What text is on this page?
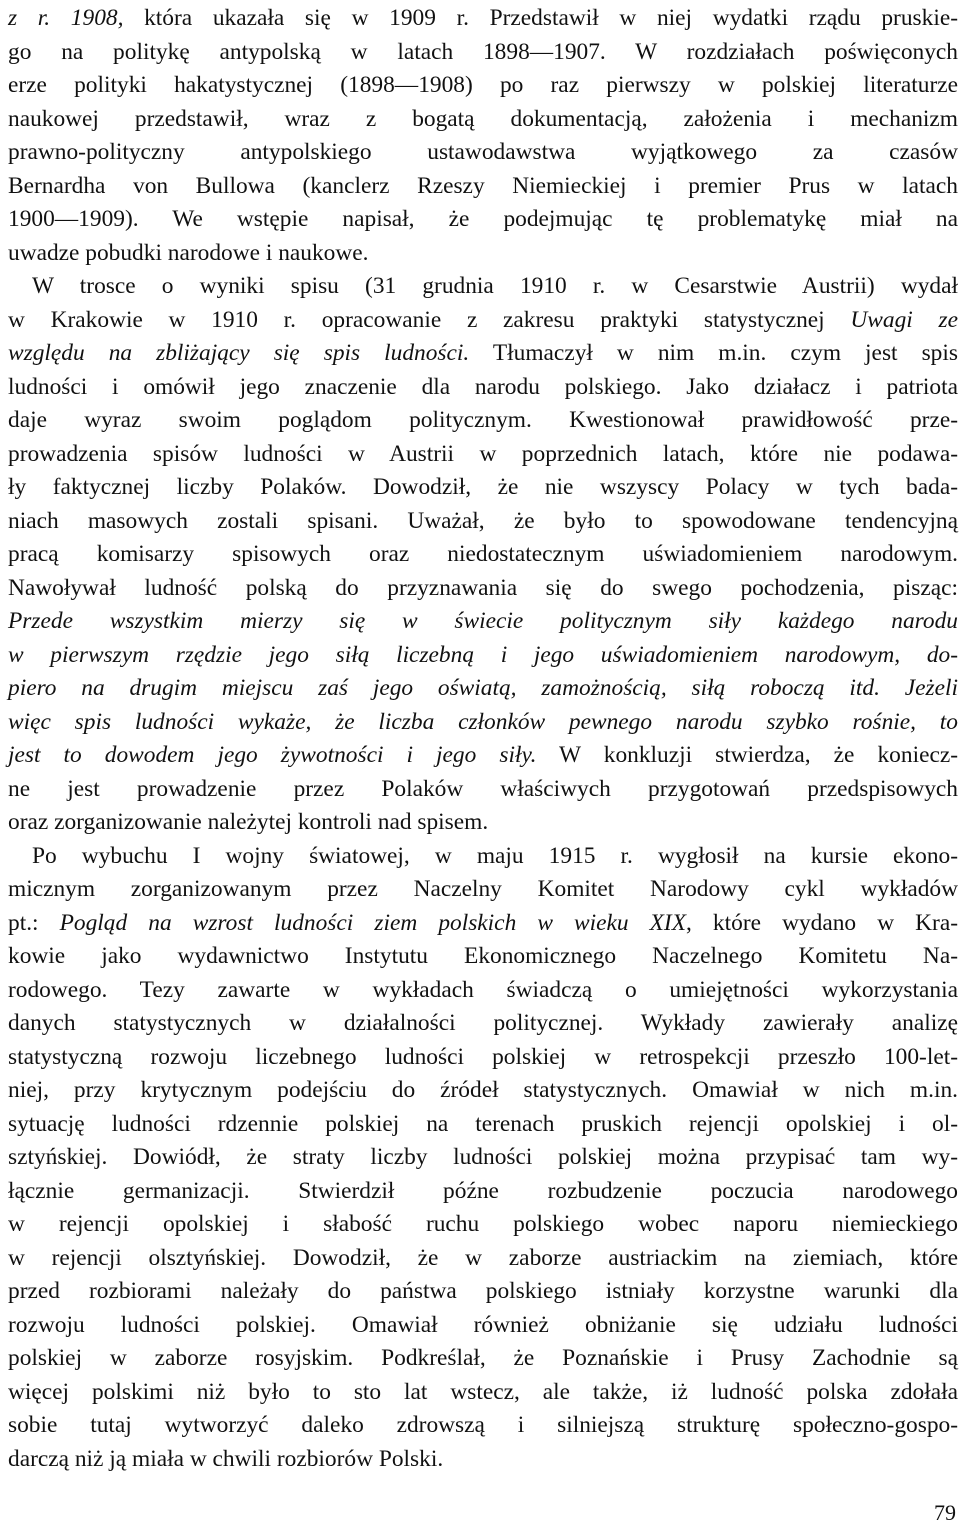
z r. 1908, która ukazała się w 1909 r. Przedstawił w niej wydatki rządu pruskie-
go na politykę antypolską w latach 1898—1907. W rozdziałach poświęconych
erze polityki hakatystycznej (1898—1908) po raz pierwszy w polskiej literaturze
naukowej przedstawił, wraz z bogatą dokumentacją, założenia i mechanizm
prawno-polityczny antypolskiego ustawodawstwa wyjątkowego za czasów
Bernardha von Bullowa (kanclerz Rzeszy Niemieckiej i premier Prus w latach
1900—1909). We wstępie napisał, że podejmując tę problematykę miał na
uwadze pobudki narodowe i naukowe.
W trosce o wyniki spisu (31 grudnia 1910 r. w Cesarstwie Austrii) wydał
w Krakowie w 1910 r. opracowanie z zakresu praktyki statystycznej Uwagi ze
względu na zbliżający się spis ludności. Tłumaczył w nim m.in. czym jest spis
ludności i omówił jego znaczenie dla narodu polskiego. Jako działacz i patriota
daje wyraz swoim poglądom politycznym. Kwestionował prawidłowość prze-
prowadzenia spisów ludności w Austrii w poprzednich latach, które nie podawa-
ły faktycznej liczby Polaków. Dowodził, że nie wszyscy Polacy w tych bada-
niach masowych zostali spisani. Uważał, że było to spowodowane tendencyjną
pracą komisarzy spisowych oraz niedostatecznym uświadomieniem narodowym.
Nawoływał ludność polską do przyznawania się do swego pochodzenia, pisząc:
Przede wszystkim mierzy się w świecie politycznym siły każdego narodu
w pierwszym rzędzie jego siłą liczebną i jego uświadomieniem narodowym, do-
piero na drugim miejscu zaś jego oświatą, zamożnością, siłą roboczą itd. Jeżeli
więc spis ludności wykaże, że liczba członków pewnego narodu szybko rośnie, to
jest to dowodem jego żywotności i jego siły. W konkluzji stwierdza, że koniecz-
ne jest prowadzenie przez Polaków właściwych przygotowań przedspisowych
oraz zorganizowanie należytej kontroli nad spisem.
Po wybuchu I wojny światowej, w maju 1915 r. wygłosił na kursie ekono-
micznym zorganizowanym przez Naczelny Komitet Narodowy cykl wykładów
pt.: Pogląd na wzrost ludności ziem polskich w wieku XIX, które wydano w Kra-
kowie jako wydawnictwo Instytutu Ekonomicznego Naczelnego Komitetu Na-
rodowego. Tezy zawarte w wykładach świadczą o umiejętności wykorzystania
danych statystycznych w działalności politycznej. Wykłady zawierały analizę
statystyczną rozwoju liczebnego ludności polskiej w retrospekcji przeszło 100-let-
niej, przy krytycznym podejściu do źródeł statystycznych. Omawiał w nich m.in.
sytuację ludności rdzennie polskiej na terenach pruskich rejencji opolskiej i ol-
sztyńskiej. Dowiódł, że straty liczby ludności polskiej można przypisać tam wy-
łącznie germanizacji. Stwierdził późne rozbudzenie poczucia narodowego
w rejencji opolskiej i słabość ruchu polskiego wobec naporu niemieckiego
w rejencji olsztyńskiej. Dowodził, że w zaborze austriackim na ziemiach, które
przed rozbiorami należały do państwa polskiego istniały korzystne warunki dla
rozwoju ludności polskiej. Omawiał również obniżanie się udziału ludności
polskiej w zaborze rosyjskim. Podkreślał, że Poznańskie i Prusy Zachodnie są
więcej polskimi niż było to sto lat wstecz, ale także, iż ludność polska zdołała
sobie tutaj wytworzyć daleko zdrowszą i silniejszą strukturę społeczno-gospo-
darczą niż ją miała w chwili rozbiorów Polski.
79
